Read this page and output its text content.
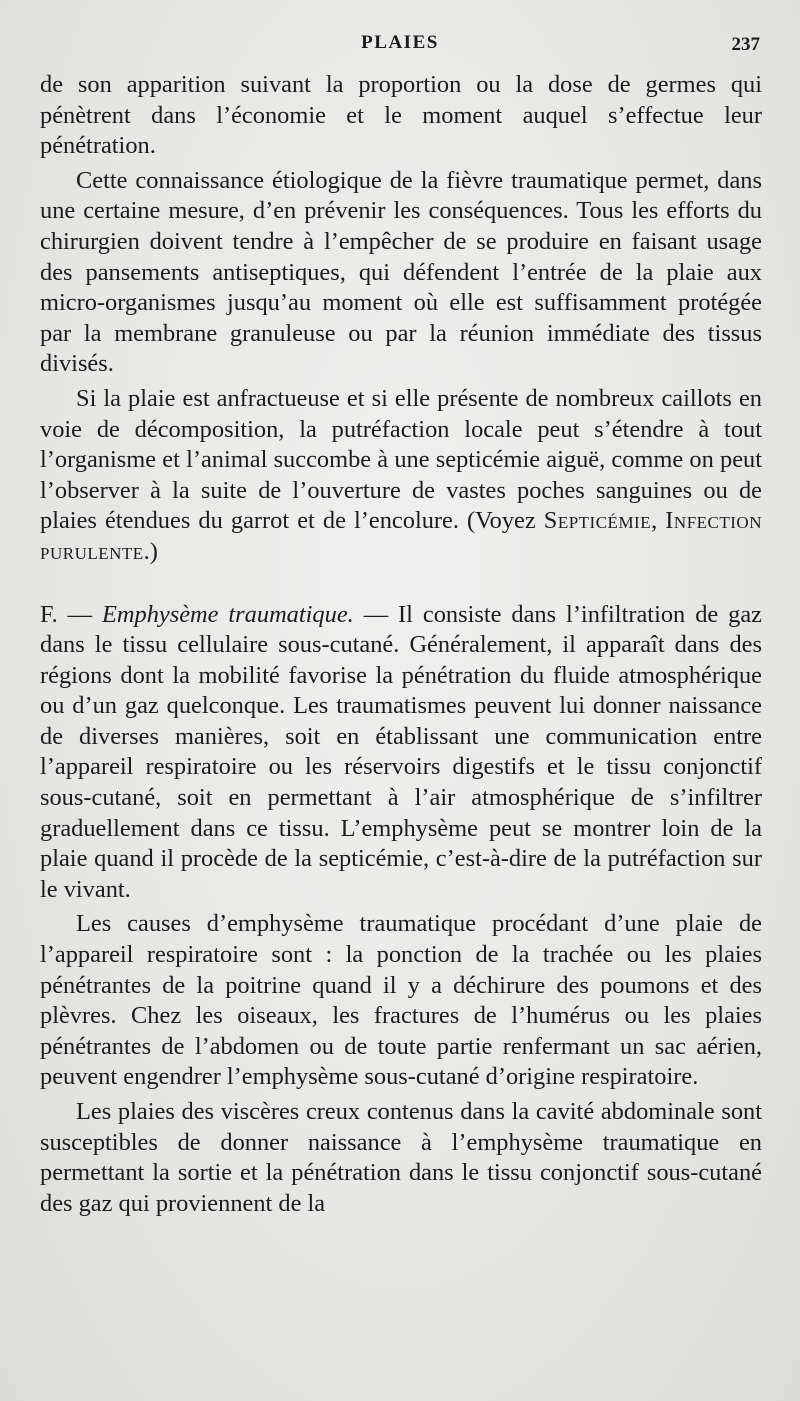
PLAIES	237

de son apparition suivant la proportion ou la dose de germes qui pénètrent dans l’économie et le moment auquel s’effectue leur pénétration.

Cette connaissance étiologique de la fièvre traumatique permet, dans une certaine mesure, d’en prévenir les conséquences. Tous les efforts du chirurgien doivent tendre à l’empêcher de se produire en faisant usage des pansements antiseptiques, qui défendent l’entrée de la plaie aux micro-organismes jusqu’au moment où elle est suffisamment protégée par la membrane granuleuse ou par la réunion immédiate des tissus divisés.

Si la plaie est anfractueuse et si elle présente de nombreux caillots en voie de décomposition, la putréfaction locale peut s’étendre à tout l’organisme et l’animal succombe à une septicémie aiguë, comme on peut l’observer à la suite de l’ouverture de vastes poches sanguines ou de plaies étendues du garrot et de l’encolure. (Voyez Septicémie, Infection purulente.)

F. — Emphysème traumatique. — Il consiste dans l’infiltration de gaz dans le tissu cellulaire sous-cutané. Généralement, il apparaît dans des régions dont la mobilité favorise la pénétration du fluide atmosphérique ou d’un gaz quelconque. Les traumatismes peuvent lui donner naissance de diverses manières, soit en établissant une communication entre l’appareil respiratoire ou les réservoirs digestifs et le tissu conjonctif sous-cutané, soit en permettant à l’air atmosphérique de s’infiltrer graduellement dans ce tissu. L’emphysème peut se montrer loin de la plaie quand il procède de la septicémie, c’est-à-dire de la putréfaction sur le vivant.

Les causes d’emphysème traumatique procédant d’une plaie de l’appareil respiratoire sont : la ponction de la trachée ou les plaies pénétrantes de la poitrine quand il y a déchirure des poumons et des plèvres. Chez les oiseaux, les fractures de l’humérus ou les plaies pénétrantes de l’abdomen ou de toute partie renfermant un sac aérien, peuvent engendrer l’emphysème sous-cutané d’origine respiratoire.

Les plaies des viscères creux contenus dans la cavité abdominale sont susceptibles de donner naissance à l’emphysème traumatique en permettant la sortie et la pénétration dans le tissu conjonctif sous-cutané des gaz qui proviennent de la
